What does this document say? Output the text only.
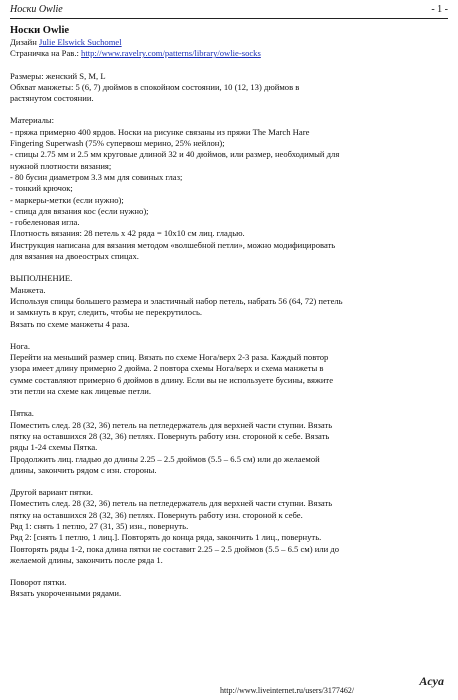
Носки Owlie	- 1 -

Носки Owlie

Дизайн Julie Elswick Suchomel

Страничка на Рав.: http://www.ravelry.com/patterns/library/owlie-socks

Размеры: женский S, M, L

Обхват манжеты: 5 (6, 7) дюймов в спокойном состоянии, 10 (12, 13) дюймов в

растянутом состоянии.

Материалы:

- пряжа примерно 400 ярдов. Носки на рисунке связаны из пряжи The March Hare

Fingering Superwash (75% супервош мерино, 25% нейлон);

- спицы 2.75 мм и 2.5 мм круговые длиной 32 и 40 дюймов, или размер, необходимый для

нужной плотности вязания;

- 80 бусин диаметром 3.3 мм для совиных глаз;

- тонкий крючок;

- маркеры-метки (если нужно);

- спица для вязания кос (если нужно);

- гобеленовая игла.

Плотность вязания: 28 петель х 42 ряда = 10х10 см лиц. гладью.

Инструкция написана для вязания методом «волшебной петли», можно модифицировать

для вязания на двоеострых спицах.

ВЫПОЛНЕНИЕ.

Манжета.

Используя спицы большего размера и эластичный набор петель, набрать 56 (64, 72) петель

и замкнуть в круг, следить, чтобы не перекрутилось.

Вязать по схеме манжеты 4 раза.

Нога.

Перейти на меньший размер спиц. Вязать по схеме Нога/верх 2-3 раза. Каждый повтор

узора имеет длину примерно 2 дюйма. 2 повтора схемы Нога/верх и схема манжеты в

сумме составляют примерно 6 дюймов в длину. Если вы не используете бусины, вяжите

эти петли на схеме как лицевые петли.

Пятка.

Поместить след. 28 (32, 36) петель на петледержатель для верхней части ступни. Вязать

пятку на оставшихся 28 (32, 36) петлях. Повернуть работу изн. стороной к себе. Вязать

ряды 1-24 схемы Пятка.

Продолжить лиц. гладью до длины 2.25 – 2.5 дюймов (5.5 – 6.5 см) или до желаемой

длины, закончить рядом с изн. стороны.

Другой вариант пятки.

Поместить след. 28 (32, 36) петель на петледержатель для верхней части ступни. Вязать

пятку на оставшихся 28 (32, 36) петлях. Повернуть работу изн. стороной к себе.

Ряд 1: снять 1 петлю, 27 (31, 35) изн., повернуть.

Ряд 2: [снять 1 петлю, 1 лиц.]. Повторять до конца ряда, закончить 1 лиц., повернуть.

Повторять ряды 1-2, пока длина пятки не составит 2.25 – 2.5 дюймов (5.5 – 6.5 см) или до

желаемой длины, закончить после ряда 1.

Поворот пятки.

Вязать укороченными рядами.

http://www.liveinternet.ru/users/3177462/
Acya
